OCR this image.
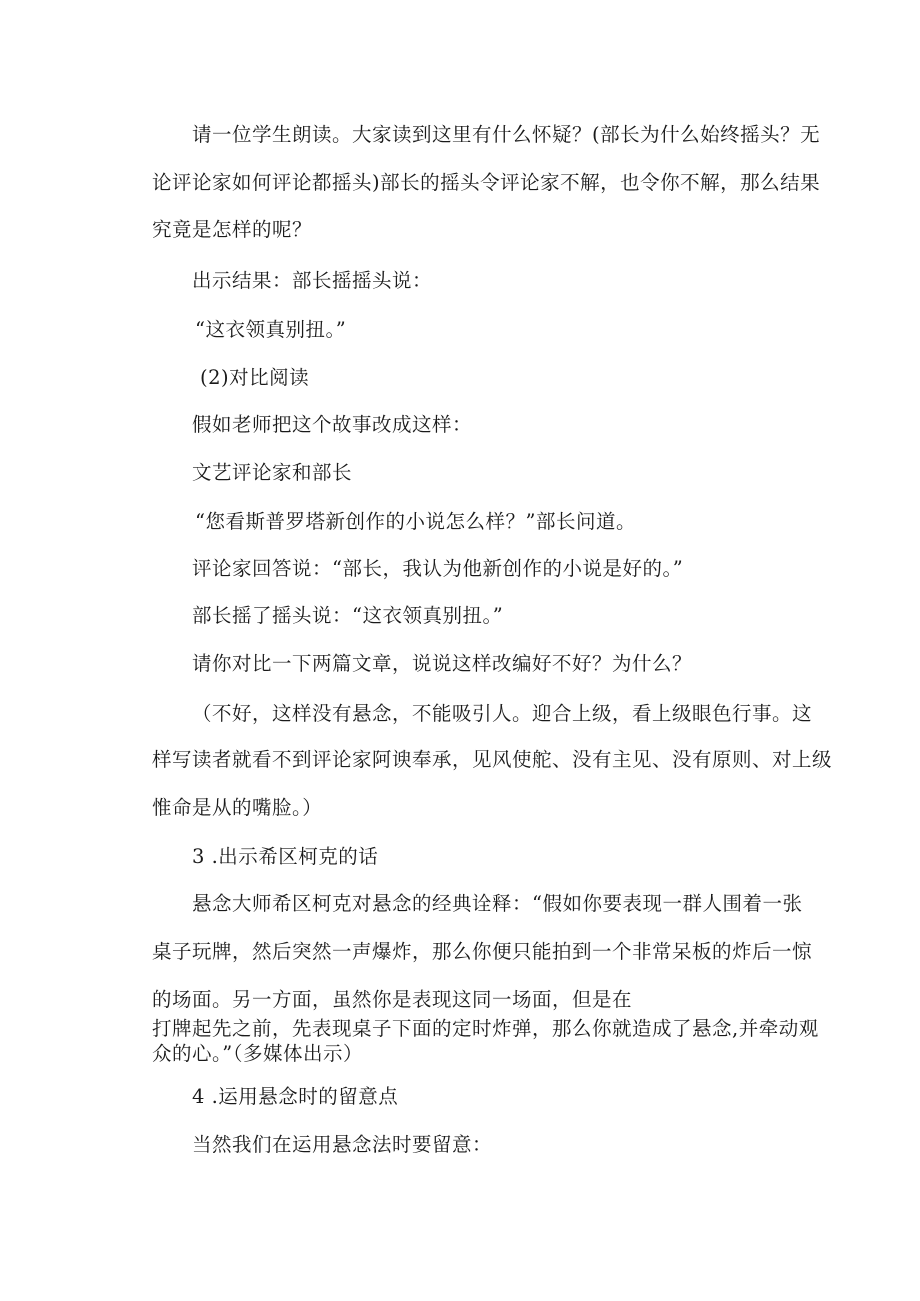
请一位学生朗读。大家读到这里有什么怀疑？(部长为什么始终摇头？无
论评论家如何评论都摇头)部长的摇头令评论家不解，也令你不解，那么结果
究竟是怎样的呢？
出示结果：部长摇摇头说：
“这衣领真别扭。”
(2)对比阅读
假如老师把这个故事改成这样：
文艺评论家和部长
“您看斯普罗塔新创作的小说怎么样？”部长问道。
评论家回答说：“部长，我认为他新创作的小说是好的。”
部长摇了摇头说：“这衣领真别扭。”
请你对比一下两篇文章，说说这样改编好不好？为什么？
（不好，这样没有悬念，不能吸引人。迎合上级，看上级眼色行事。这
样写读者就看不到评论家阿谀奉承，见风使舵、没有主见、没有原则、对上级
惟命是从的嘴脸。）
3 .出示希区柯克的话
悬念大师希区柯克对悬念的经典诠释：“假如你要表现一群人围着一张
桌子玩牌，然后突然一声爆炸，那么你便只能拍到一个非常呆板的炸后一惊
的场面。另一方面，虽然你是表现这同一场面，但是在
打牌起先之前，先表现桌子下面的定时炸弹，那么你就造成了悬念,并牵动观
众的心。”（多媒体出示）
4 .运用悬念时的留意点
当然我们在运用悬念法时要留意：
